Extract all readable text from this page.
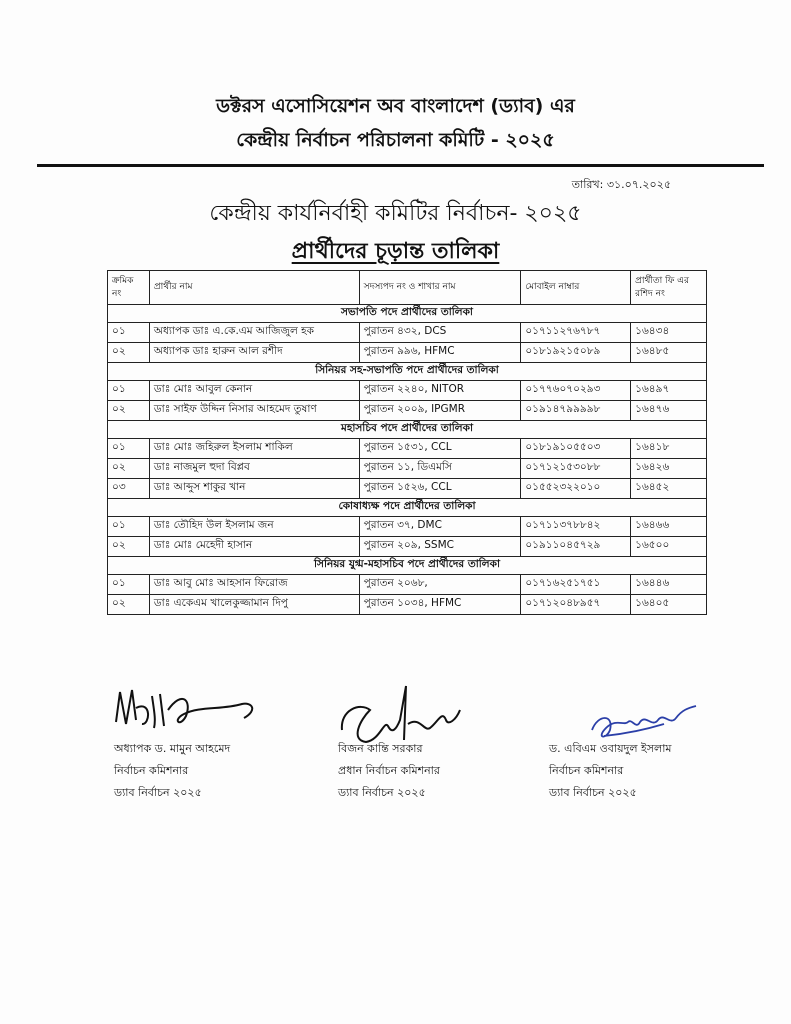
ডক্টরস এসোসিয়েশন অব বাংলাদেশ (ড্যাব) এর
কেন্দ্রীয় নির্বাচন পরিচালনা কমিটি - ২০২৫
তারিখ: ৩১.০৭.২০২৫
কেন্দ্রীয় কার্যনির্বাহী কমিটির নির্বাচন- ২০২৫
প্রার্থীদের চূড়ান্ত তালিকা
ক্রমিক নং	প্রার্থীর নাম	সদস্যপদ নং ও শাখার নাম	মোবাইল নাম্বার	প্রার্থীতা ফি এর রশিদ নং
সভাপতি পদে প্রার্থীদের তালিকা				
০১	অধ্যাপক ডাঃ এ.কে.এম আজিজুল হক	পুরাতন ৪৩২, DCS	০১৭১১২৭৬৭৮৭	১৬৪৩৪
০২	অধ্যাপক ডাঃ হারুন আল রশীদ	পুরাতন ৯৯৬, HFMC	০১৮১৯২১৫০৮৯	১৬৪৮৫
সিনিয়র সহ-সভাপতি পদে প্রার্থীদের তালিকা				
০১	ডাঃ মোঃ আবুল কেনান	পুরাতন ২২৪০, NITOR	০১৭৭৬০৭০২৯৩	১৬৪৯৭
০২	ডাঃ সাইফ উদ্দিন নিসার আহমেদ তুষাণ	পুরাতন ২০০৯, IPGMR	০১৯১৪৭৯৯৯৯৮	১৬৪৭৬
মহাসচিব পদে প্রার্থীদের তালিকা				
০১	ডাঃ মোঃ জহিরুল ইসলাম শাকিল	পুরাতন ১৫৩১, CCL	০১৮১৯১০৫৫০৩	১৬৪১৮
০২	ডাঃ নাজমুল হুদা বিপ্লব	পুরাতন ১১, ডিএমসি	০১৭১২১৫৩০৮৮	১৬৪২৬
০৩	ডাঃ আব্দুস শাকুর খান	পুরাতন ১৫২৬, CCL	০১৫৫২৩২২০১০	১৬৪৫২
কোষাধ্যক্ষ পদে প্রার্থীদের তালিকা				
০১	ডাঃ তৌহিদ উল ইসলাম জন	পুরাতন ৩৭, DMC	০১৭১১৩৭৮৮৪২	১৬৪৬৬
০২	ডাঃ মোঃ মেহেদী হাসান	পুরাতন ২০৯, SSMC	০১৯১১০৪৫৭২৯	১৬৫০০
সিনিয়র যুগ্ম-মহাসচিব পদে প্রার্থীদের তালিকা				
০১	ডাঃ আবু মোঃ আহসান ফিরোজ	পুরাতন ২০৬৮,	০১৭১৬২৫১৭৫১	১৬৪৪৬
০২	ডাঃ একেএম খালেকুজ্জামান দিপু	পুরাতন ১০৩৪, HFMC	০১৭১২০৪৮৯৫৭	১৬৪০৫
অধ্যাপক ড. মামুন আহমেদ
নির্বাচন কমিশনার
ড্যাব নির্বাচন ২০২৫
বিজন কান্তি সরকার
প্রধান নির্বাচন কমিশনার
ড্যাব নির্বাচন ২০২৫
ড. এবিএম ওবায়দুল ইসলাম
নির্বাচন কমিশনার
ড্যাব নির্বাচন ২০২৫
